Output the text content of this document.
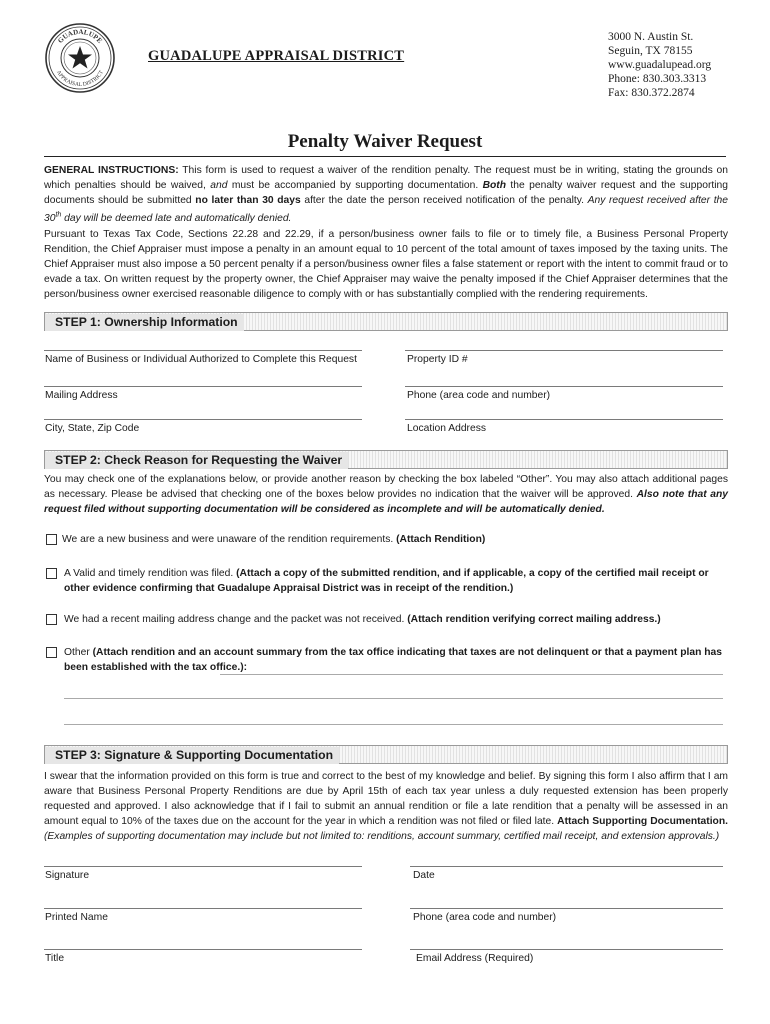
GUADALUPE
APPRAISAL DISTRICT
GUADALUPE APPRAISAL DISTRICT
3000 N. Austin St.
Seguin, TX 78155
www.guadalupead.org
Phone: 830.303.3313
Fax: 830.372.2874
Penalty Waiver Request
GENERAL INSTRUCTIONS: This form is used to request a waiver of the rendition penalty. The request must be in writing, stating the grounds on which penalties should be waived, and must be accompanied by supporting documentation. Both the penalty waiver request and the supporting documents should be submitted no later than 30 days after the date the person received notification of the penalty. Any request received after the 30th day will be deemed late and automatically denied.
Pursuant to Texas Tax Code, Sections 22.28 and 22.29, if a person/business owner fails to file or to timely file, a Business Personal Property Rendition, the Chief Appraiser must impose a penalty in an amount equal to 10 percent of the total amount of taxes imposed by the taxing units. The Chief Appraiser must also impose a 50 percent penalty if a person/business owner files a false statement or report with the intent to commit fraud or to evade a tax. On written request by the property owner, the Chief Appraiser may waive the penalty imposed if the Chief Appraiser determines that the person/business owner exercised reasonable diligence to comply with or has substantially complied with the rendering requirements.
STEP 1: Ownership Information
Name of Business or Individual Authorized to Complete this Request	Property ID #
Mailing Address	Phone (area code and number)
City, State, Zip Code	Location Address
STEP 2: Check Reason for Requesting the Waiver
You may check one of the explanations below, or provide another reason by checking the box labeled “Other”. You may also attach additional pages as necessary. Please be advised that checking one of the boxes below provides no indication that the waiver will be approved. Also note that any request filed without supporting documentation will be considered as incomplete and will be automatically denied.
We are a new business and were unaware of the rendition requirements. (Attach Rendition)
A Valid and timely rendition was filed. (Attach a copy of the submitted rendition, and if applicable, a copy of the certified mail receipt or other evidence confirming that Guadalupe Appraisal District was in receipt of the rendition.)
We had a recent mailing address change and the packet was not received. (Attach rendition verifying correct mailing address.)
Other (Attach rendition and an account summary from the tax office indicating that taxes are not delinquent or that a payment plan has been established with the tax office.):
STEP 3: Signature & Supporting Documentation
I swear that the information provided on this form is true and correct to the best of my knowledge and belief. By signing this form I also affirm that I am aware that Business Personal Property Renditions are due by April 15th of each tax year unless a duly requested extension has been properly requested and approved. I also acknowledge that if I fail to submit an annual rendition or file a late rendition that a penalty will be assessed in an amount equal to 10% of the taxes due on the account for the year in which a rendition was not filed or filed late. Attach Supporting Documentation. (Examples of supporting documentation may include but not limited to: renditions, account summary, certified mail receipt, and extension approvals.)
Signature	Date
Printed Name	Phone (area code and number)
Title	Email Address (Required)
